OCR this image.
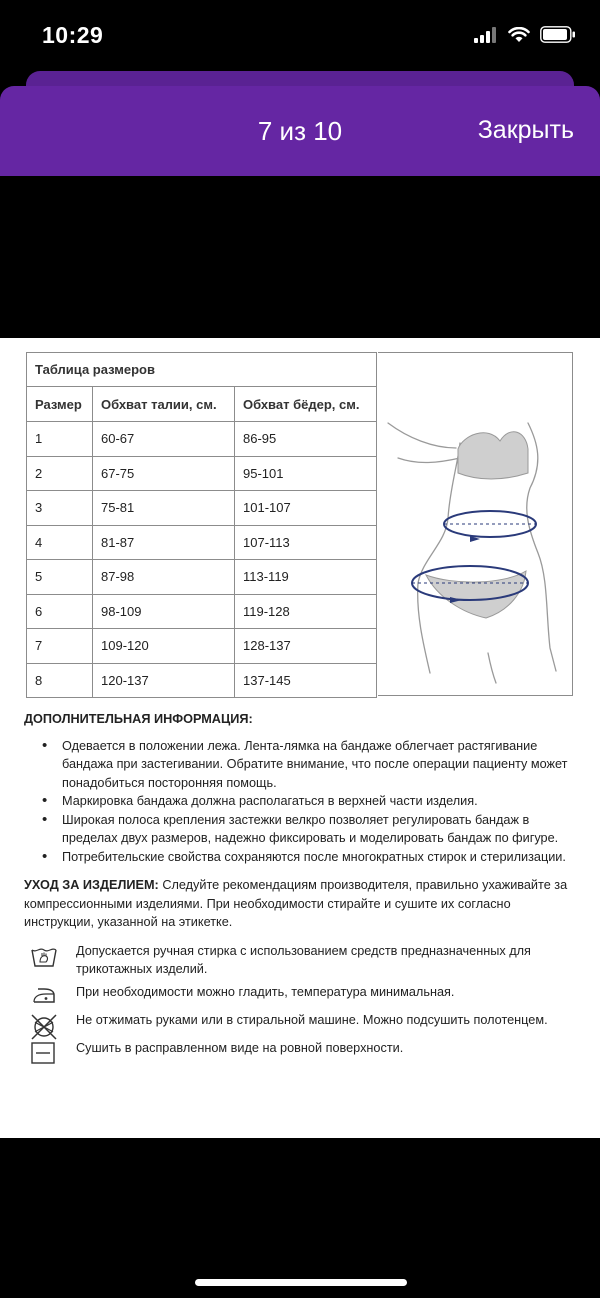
10:29
7 из 10	Закрыть
Таблица размеров		
Размер	Обхват талии, см.	Обхват бёдер, см.
1	60-67	86-95
2	67-75	95-101
3	75-81	101-107
4	81-87	107-113
5	87-98	113-119
6	98-109	119-128
7	109-120	128-137
8	120-137	137-145
ДОПОЛНИТЕЛЬНАЯ ИНФОРМАЦИЯ:
• Одевается в положении лежа. Лента-лямка на бандаже облегчает растягивание бандажа при застегивании. Обратите внимание, что после операции пациенту может понадобиться посторонняя помощь.
• Маркировка бандажа должна располагаться в верхней части изделия.
• Широкая полоса крепления застежки велкро позволяет регулировать бандаж в пределах двух размеров, надежно фиксировать и моделировать бандаж по фигуре.
• Потребительские свойства сохраняются после многократных стирок и стерилизации.
УХОД ЗА ИЗДЕЛИЕМ: Следуйте рекомендациям производителя, правильно ухаживайте за компрессионными изделиями. При необходимости стирайте и сушите их согласно инструкции, указанной на этикетке.
Допускается ручная стирка с использованием средств предназначенных для трикотажных изделий.
При необходимости можно гладить, температура минимальная.
Не отжимать руками или в стиральной машине. Можно подсушить полотенцем.
Сушить в расправленном виде на ровной поверхности.
